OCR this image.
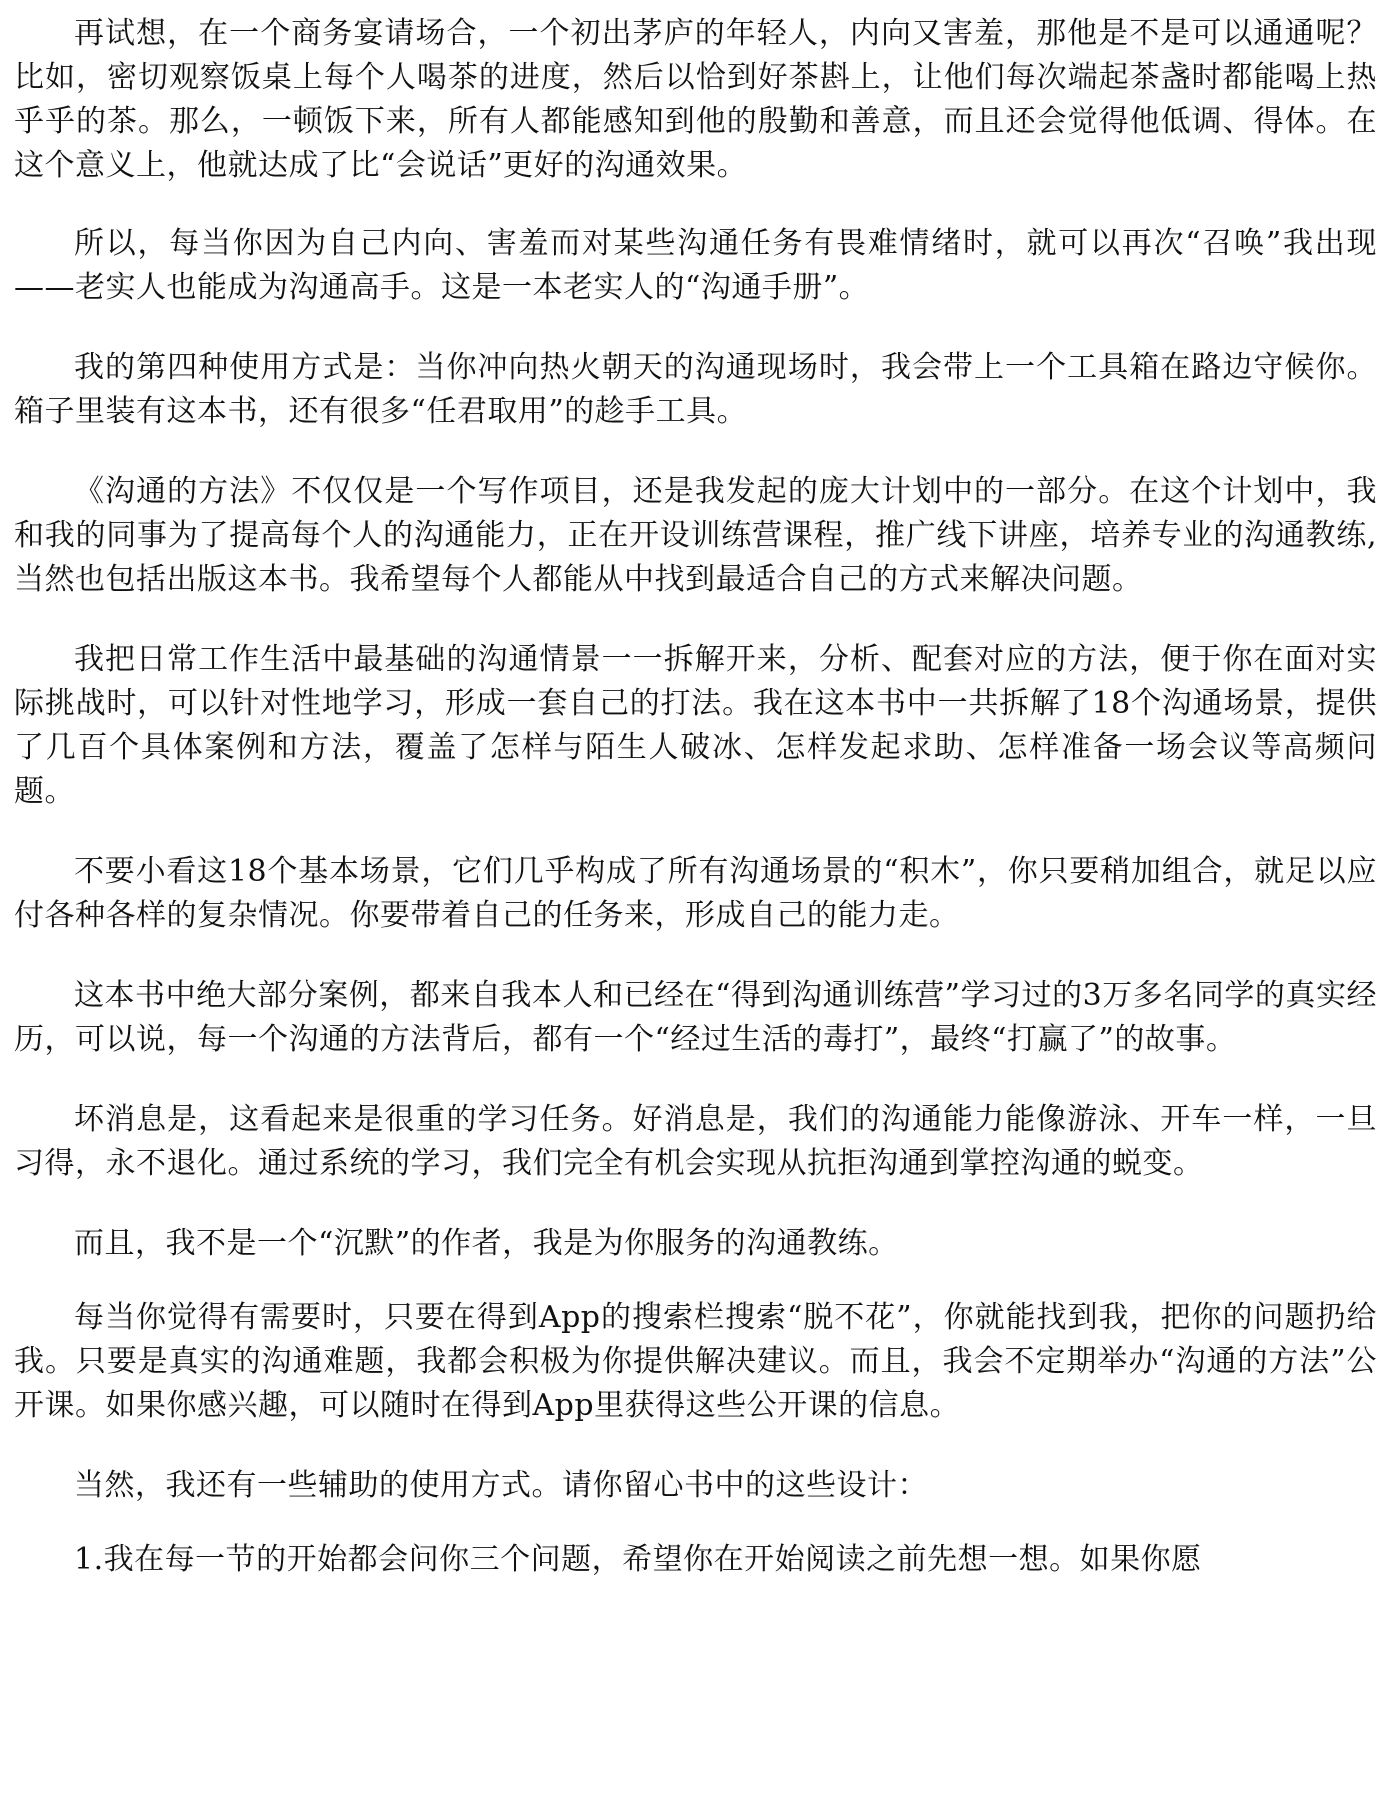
再试想，在一个商务宴请场合，一个初出茅庐的年轻人，内向又害羞，那他是不是可以通通呢？比如，密切观察饭桌上每个人喝茶的进度，然后以恰到好茶斟上，让他们每次端起茶盏时都能喝上热乎乎的茶。那么，一顿饭下来，所有人都能感知到他的殷勤和善意，而且还会觉得他低调、得体。在这个意义上，他就达成了比“会说话”更好的沟通效果。

所以，每当你因为自己内向、害羞而对某些沟通任务有畏难情绪时，就可以再次“召唤”我出现——老实人也能成为沟通高手。这是一本老实人的“沟通手册”。

我的第四种使用方式是：当你冲向热火朝天的沟通现场时，我会带上一个工具箱在路边守候你。箱子里装有这本书，还有很多“任君取用”的趁手工具。

《沟通的方法》不仅仅是一个写作项目，还是我发起的庞大计划中的一部分。在这个计划中，我和我的同事为了提高每个人的沟通能力，正在开设训练营课程，推广线下讲座，培养专业的沟通教练,当然也包括出版这本书。我希望每个人都能从中找到最适合自己的方式来解决问题。

我把日常工作生活中最基础的沟通情景一一拆解开来，分析、配套对应的方法，便于你在面对实际挑战时，可以针对性地学习，形成一套自己的打法。我在这本书中一共拆解了18个沟通场景，提供了几百个具体案例和方法，覆盖了怎样与陌生人破冰、怎样发起求助、怎样准备一场会议等高频问题。

不要小看这18个基本场景，它们几乎构成了所有沟通场景的“积木”，你只要稍加组合，就足以应付各种各样的复杂情况。你要带着自己的任务来，形成自己的能力走。

这本书中绝大部分案例，都来自我本人和已经在“得到沟通训练营”学习过的3万多名同学的真实经历，可以说，每一个沟通的方法背后，都有一个“经过生活的毒打”，最终“打赢了”的故事。

坏消息是，这看起来是很重的学习任务。好消息是，我们的沟通能力能像游泳、开车一样，一旦习得，永不退化。通过系统的学习，我们完全有机会实现从抗拒沟通到掌控沟通的蜕变。

而且，我不是一个“沉默”的作者，我是为你服务的沟通教练。

每当你觉得有需要时，只要在得到App的搜索栏搜索“脱不花”，你就能找到我，把你的问题扔给我。只要是真实的沟通难题，我都会积极为你提供解决建议。而且，我会不定期举办“沟通的方法”公开课。如果你感兴趣，可以随时在得到App里获得这些公开课的信息。

当然，我还有一些辅助的使用方式。请你留心书中的这些设计：

1.我在每一节的开始都会问你三个问题，希望你在开始阅读之前先想一想。如果你愿
